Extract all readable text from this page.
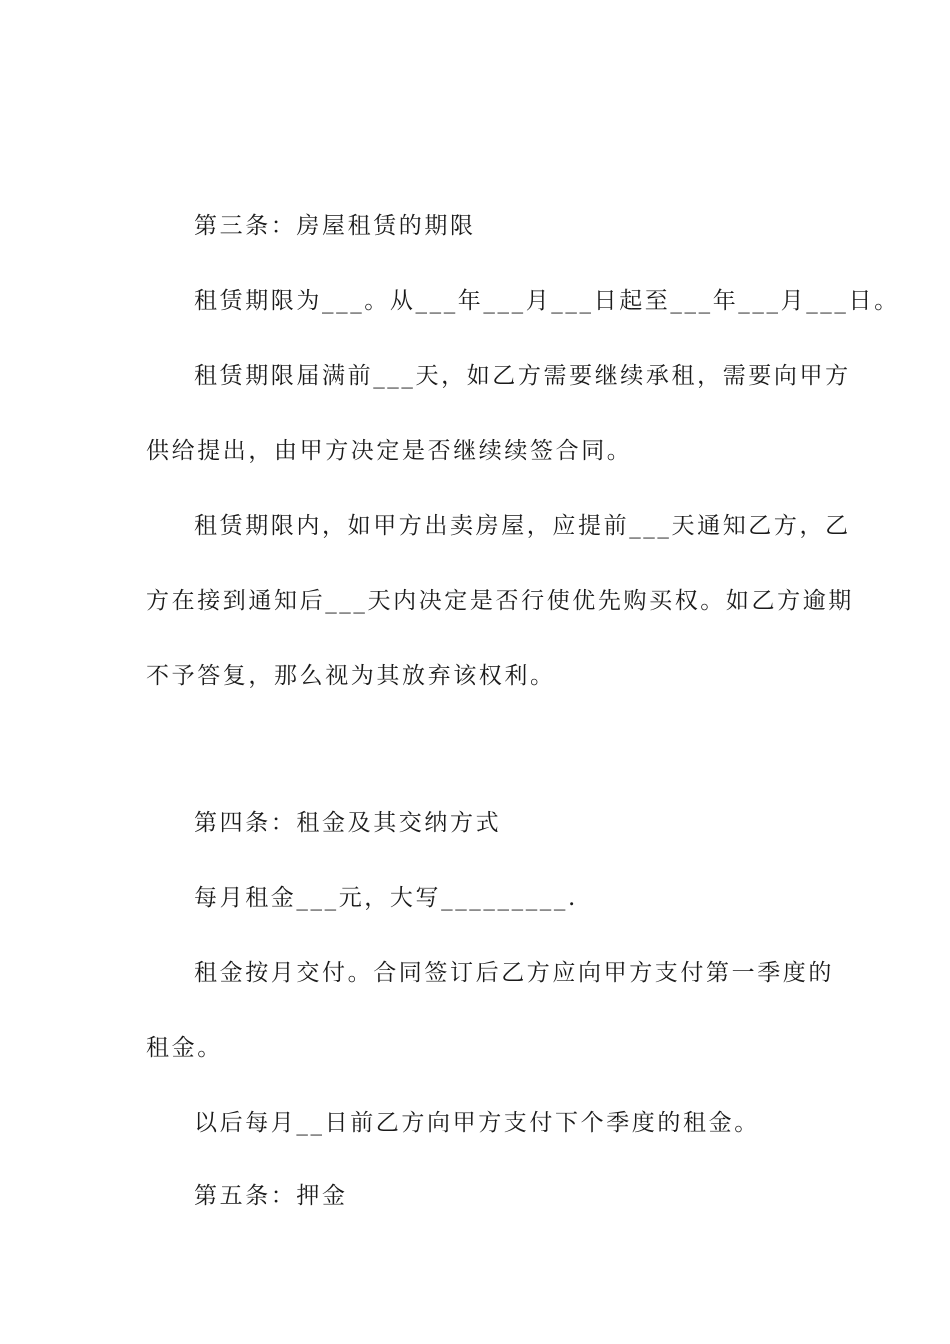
第三条：房屋租赁的期限
租赁期限为___。从___年___月___日起至___年___月___日。
租赁期限届满前___天，如乙方需要继续承租，需要向甲方
供给提出，由甲方决定是否继续续签合同。
租赁期限内，如甲方出卖房屋，应提前___天通知乙方，乙
方在接到通知后___天内决定是否行使优先购买权。如乙方逾期
不予答复，那么视为其放弃该权利。
第四条：租金及其交纳方式
每月租金___元，大写_________.
租金按月交付。合同签订后乙方应向甲方支付第一季度的
租金。
以后每月__日前乙方向甲方支付下个季度的租金。
第五条：押金
